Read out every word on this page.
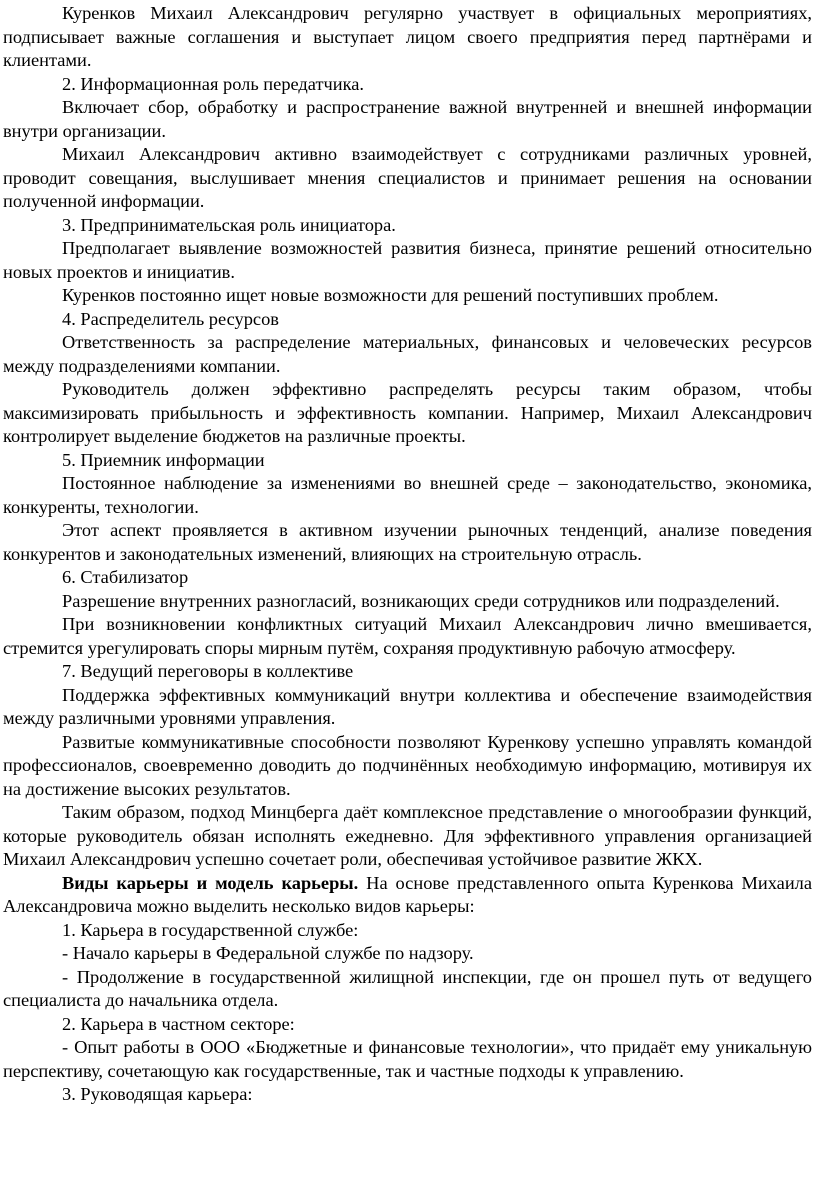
Куренков Михаил Александрович регулярно участвует в официальных мероприятиях, подписывает важные соглашения и выступает лицом своего предприятия перед партнёрами и клиентами.

2. Информационная роль передатчика.

Включает сбор, обработку и распространение важной внутренней и внешней информации внутри организации.

Михаил Александрович активно взаимодействует с сотрудниками различных уровней, проводит совещания, выслушивает мнения специалистов и принимает решения на основании полученной информации.

3. Предпринимательская роль инициатора.

Предполагает выявление возможностей развития бизнеса, принятие решений относительно новых проектов и инициатив.

Куренков постоянно ищет новые возможности для решений поступивших проблем.

4. Распределитель ресурсов

Ответственность за распределение материальных, финансовых и человеческих ресурсов между подразделениями компании.

Руководитель должен эффективно распределять ресурсы таким образом, чтобы максимизировать прибыльность и эффективность компании. Например, Михаил Александрович контролирует выделение бюджетов на различные проекты.

5. Приемник информации

Постоянное наблюдение за изменениями во внешней среде – законодательство, экономика, конкуренты, технологии.

Этот аспект проявляется в активном изучении рыночных тенденций, анализе поведения конкурентов и законодательных изменений, влияющих на строительную отрасль.

6. Стабилизатор

Разрешение внутренних разногласий, возникающих среди сотрудников или подразделений.

При возникновении конфликтных ситуаций Михаил Александрович лично вмешивается, стремится урегулировать споры мирным путём, сохраняя продуктивную рабочую атмосферу.

7. Ведущий переговоры в коллективе

Поддержка эффективных коммуникаций внутри коллектива и обеспечение взаимодействия между различными уровнями управления.

Развитые коммуникативные способности позволяют Куренкову успешно управлять командой профессионалов, своевременно доводить до подчинённых необходимую информацию, мотивируя их на достижение высоких результатов.

Таким образом, подход Минцберга даёт комплексное представление о многообразии функций, которые руководитель обязан исполнять ежедневно. Для эффективного управления организацией Михаил Александрович успешно сочетает роли, обеспечивая устойчивое развитие ЖКХ.

Виды карьеры и модель карьеры. На основе представленного опыта Куренкова Михаила Александровича можно выделить несколько видов карьеры:

1. Карьера в государственной службе:

- Начало карьеры в Федеральной службе по надзору.

- Продолжение в государственной жилищной инспекции, где он прошел путь от ведущего специалиста до начальника отдела.

2. Карьера в частном секторе:

- Опыт работы в ООО «Бюджетные и финансовые технологии», что придаёт ему уникальную перспективу, сочетающую как государственные, так и частные подходы к управлению.

3. Руководящая карьера:
